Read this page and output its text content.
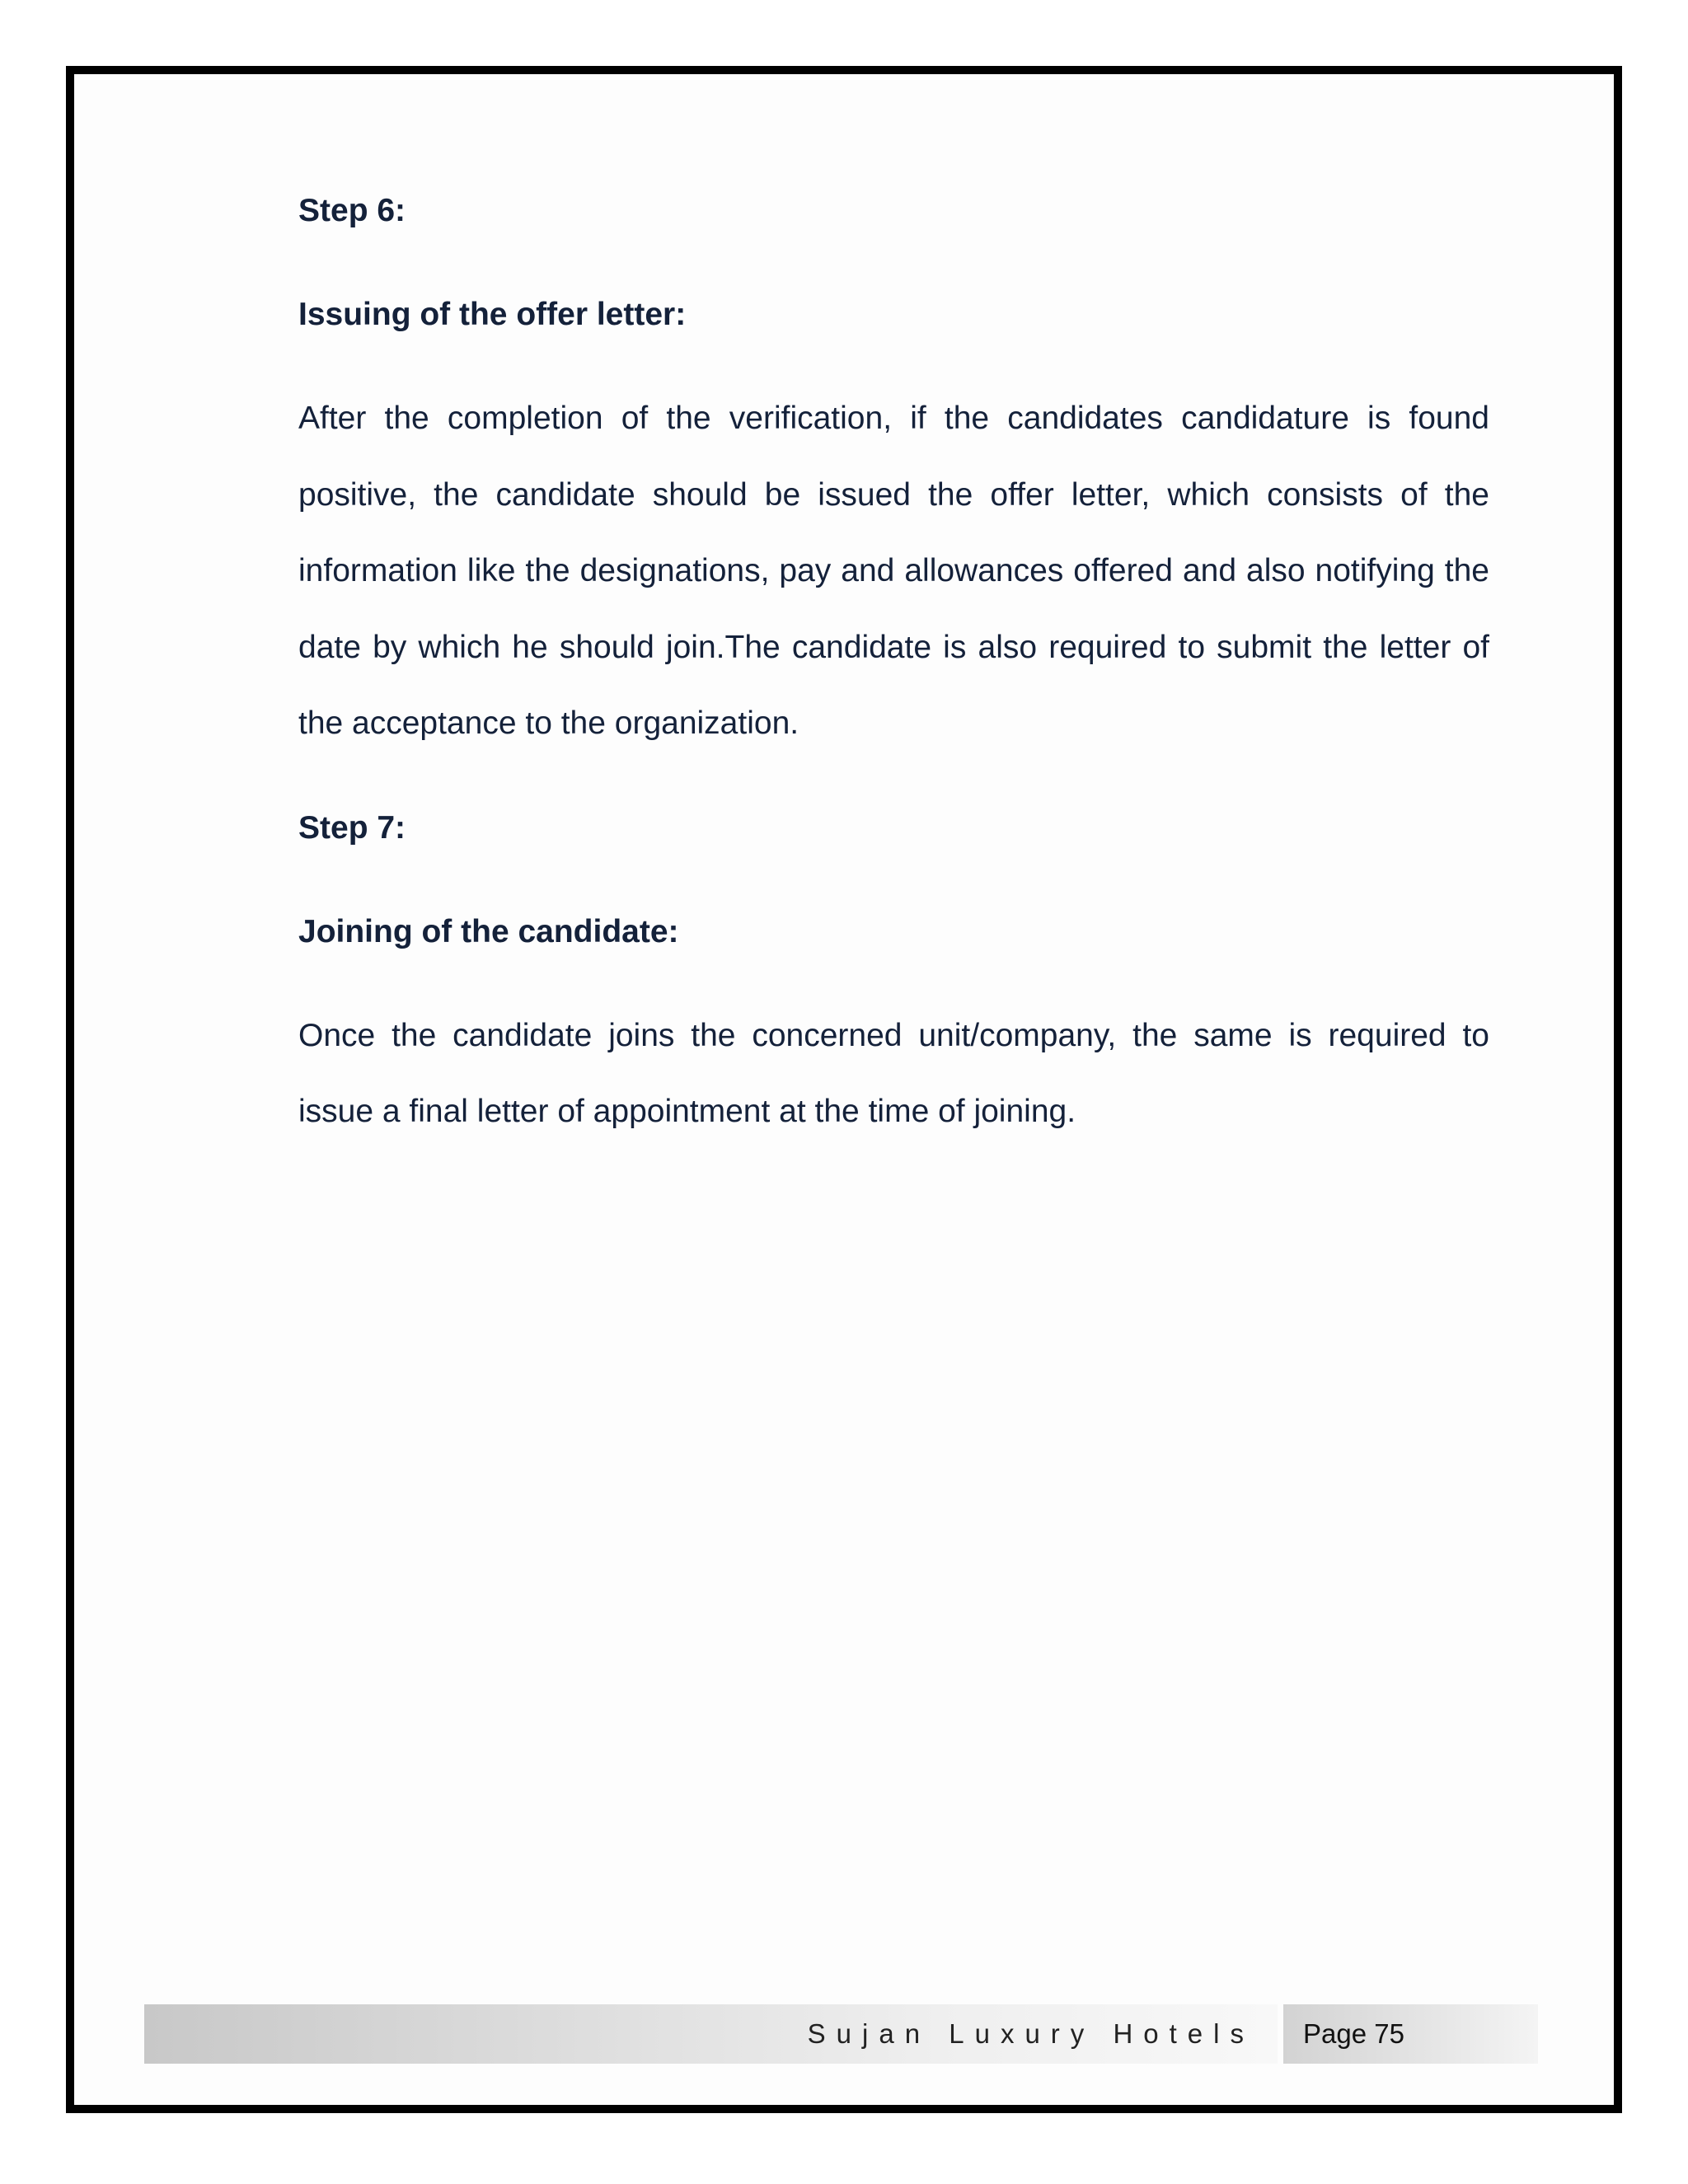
Step 6:
Issuing of the offer letter:

After the completion of the verification, if the candidates candidature is found positive, the candidate should be issued the offer letter, which consists of the information like the designations, pay and allowances offered and also notifying the date by which he should join.The candidate is also required to submit the letter of the acceptance to the organization.

Step 7:
Joining of the candidate:

Once the candidate joins the concerned unit/company, the same is required to issue a final letter of appointment at the time of joining.

Sujan Luxury Hotels Page 75
